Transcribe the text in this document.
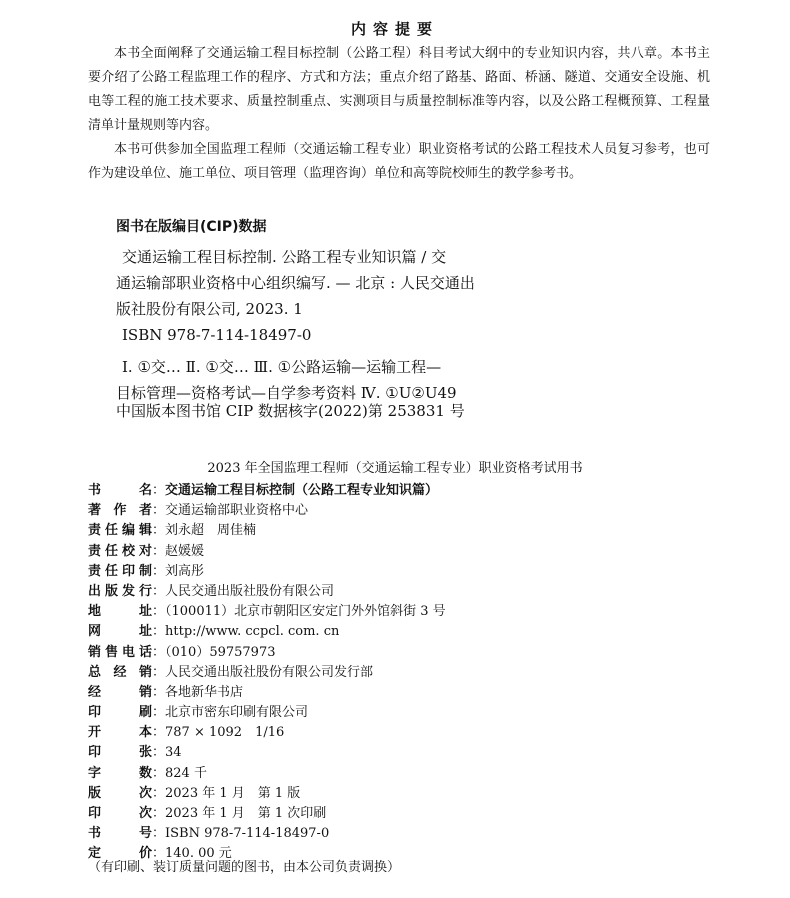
内容提要

本书全面阐释了交通运输工程目标控制（公路工程）科目考试大纲中的专业知识内容，共八章。本书主要介绍了公路工程监理工作的程序、方式和方法；重点介绍了路基、路面、桥涵、隧道、交通安全设施、机电等工程的施工技术要求、质量控制重点、实测项目与质量控制标准等内容，以及公路工程概预算、工程量清单计量规则等内容。

本书可供参加全国监理工程师（交通运输工程专业）职业资格考试的公路工程技术人员复习参考，也可作为建设单位、施工单位、项目管理（监理咨询）单位和高等院校师生的教学参考书。

图书在版编目(CIP)数据

交通运输工程目标控制. 公路工程专业知识篇 / 交

通运输部职业资格中心组织编写. — 北京 : 人民交通出

版社股份有限公司, 2023. 1

ISBN 978-7-114-18497-0

Ⅰ. ①交… Ⅱ. ①交… Ⅲ. ①公路运输—运输工程—

目标管理—资格考试—自学参考资料 Ⅳ. ①U②U49

中国版本图书馆 CIP 数据核字(2022)第 253831 号
2023 年全国监理工程师（交通运输工程专业）职业资格考试用书
书名：交通运输工程目标控制（公路工程专业知识篇）
著作者：交通运输部职业资格中心
责任编辑：刘永超　周佳楠
责任校对：赵媛媛
责任印制：刘高彤
出版发行：人民交通出版社股份有限公司
地址：（100011）北京市朝阳区安定门外外馆斜街 3 号
网址：http://www. ccpcl. com. cn
销售电话：（010）59757973
总经销：人民交通出版社股份有限公司发行部
经销：各地新华书店
印刷：北京市密东印刷有限公司
开本：787 × 1092　1/16
印张：34
字数：824 千
版次：2023 年 1 月　第 1 版
印次：2023 年 1 月　第 1 次印刷
书号：ISBN 978-7-114-18497-0
定价：140. 00 元
（有印刷、装订质量问题的图书，由本公司负责调换）
